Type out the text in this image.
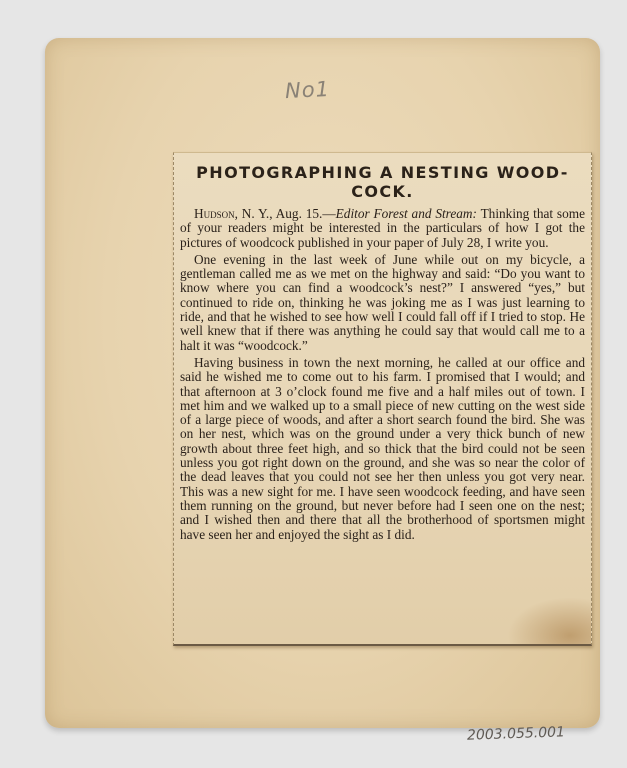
No1
PHOTOGRAPHING A NESTING WOOD-COCK.

Hudson, N. Y., Aug. 15.—Editor Forest and Stream: Thinking that some of your readers might be interested in the particulars of how I got the pictures of woodcock published in your paper of July 28, I write you.

One evening in the last week of June while out on my bicycle, a gentleman called me as we met on the highway and said: “Do you want to know where you can find a woodcock’s nest?” I answered “yes,” but continued to ride on, thinking he was joking me as I was just learning to ride, and that he wished to see how well I could fall off if I tried to stop. He well knew that if there was anything he could say that would call me to a halt it was “woodcock.”

Having business in town the next morning, he called at our office and said he wished me to come out to his farm. I promised that I would; and that afternoon at 3 o’clock found me five and a half miles out of town. I met him and we walked up to a small piece of new cutting on the west side of a large piece of woods, and after a short search found the bird. She was on her nest, which was on the ground under a very thick bunch of new growth about three feet high, and so thick that the bird could not be seen unless you got right down on the ground, and she was so near the color of the dead leaves that you could not see her then unless you got very near. This was a new sight for me. I have seen woodcock feeding, and have seen them running on the ground, but never before had I seen one on the nest; and I wished then and there that all the brotherhood of sportsmen might have seen her and enjoyed the sight as I did.

2003.055.001
